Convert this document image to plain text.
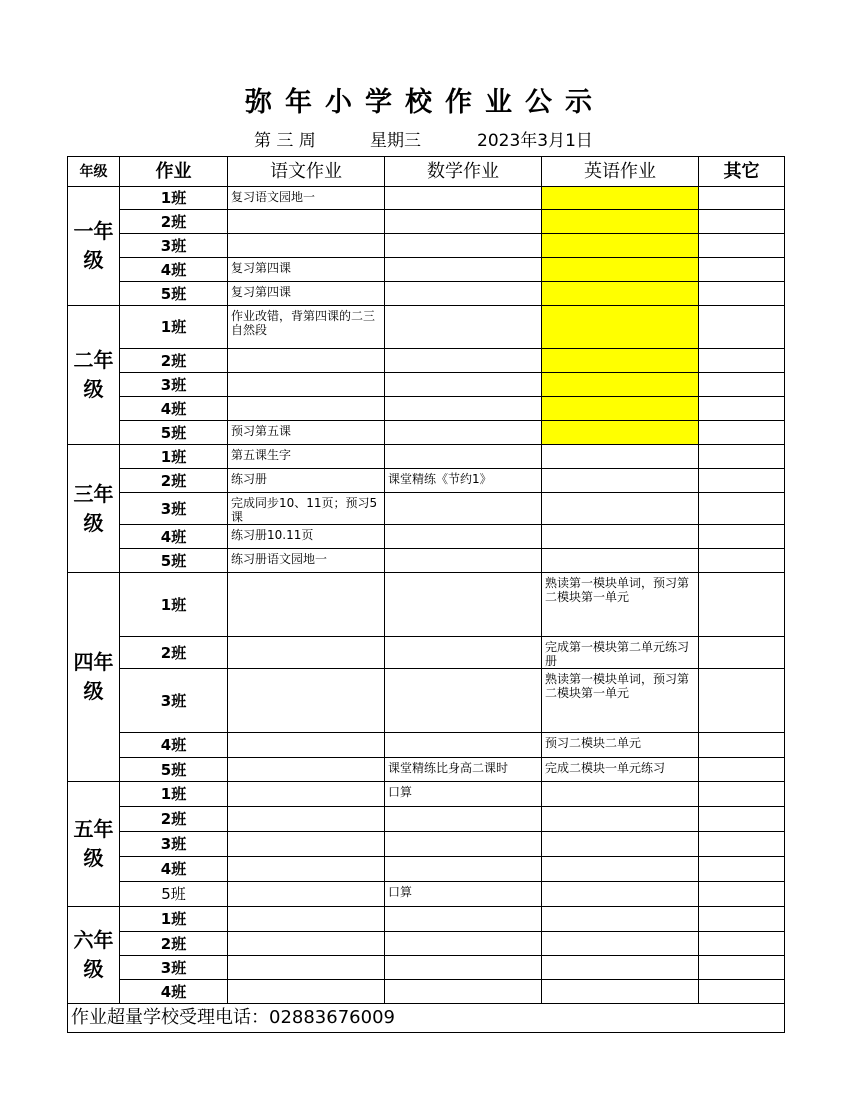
弥年小学校作业公示
第 三 周	星期三	2023年3月1日
年级	作业	语文作业	数学作业	英语作业	其它
一年级	1班	复习语文园地一			
	2班				
	3班				
	4班	复习第四课			
	5班	复习第四课			
二年级	1班	作业改错，背第四课的二三自然段			
	2班				
	3班				
	4班				
	5班	预习第五课			
三年级	1班	第五课生字			
	2班	练习册	课堂精练《节约1》		
	3班	完成同步10、11页；预习5课			
	4班	练习册10.11页			
	5班	练习册语文园地一			
四年级	1班			熟读第一模块单词，预习第二模块第一单元	
	2班			完成第一模块第二单元练习册	
	3班			熟读第一模块单词，预习第二模块第一单元	
	4班			预习二模块二单元	
	5班		课堂精练比身高二课时	完成二模块一单元练习	
五年级	1班		口算		
	2班				
	3班				
	4班				
	5班		口算		
六年级	1班				
	2班				
	3班				
	4班				
作业超量学校受理电话：02883676009					
